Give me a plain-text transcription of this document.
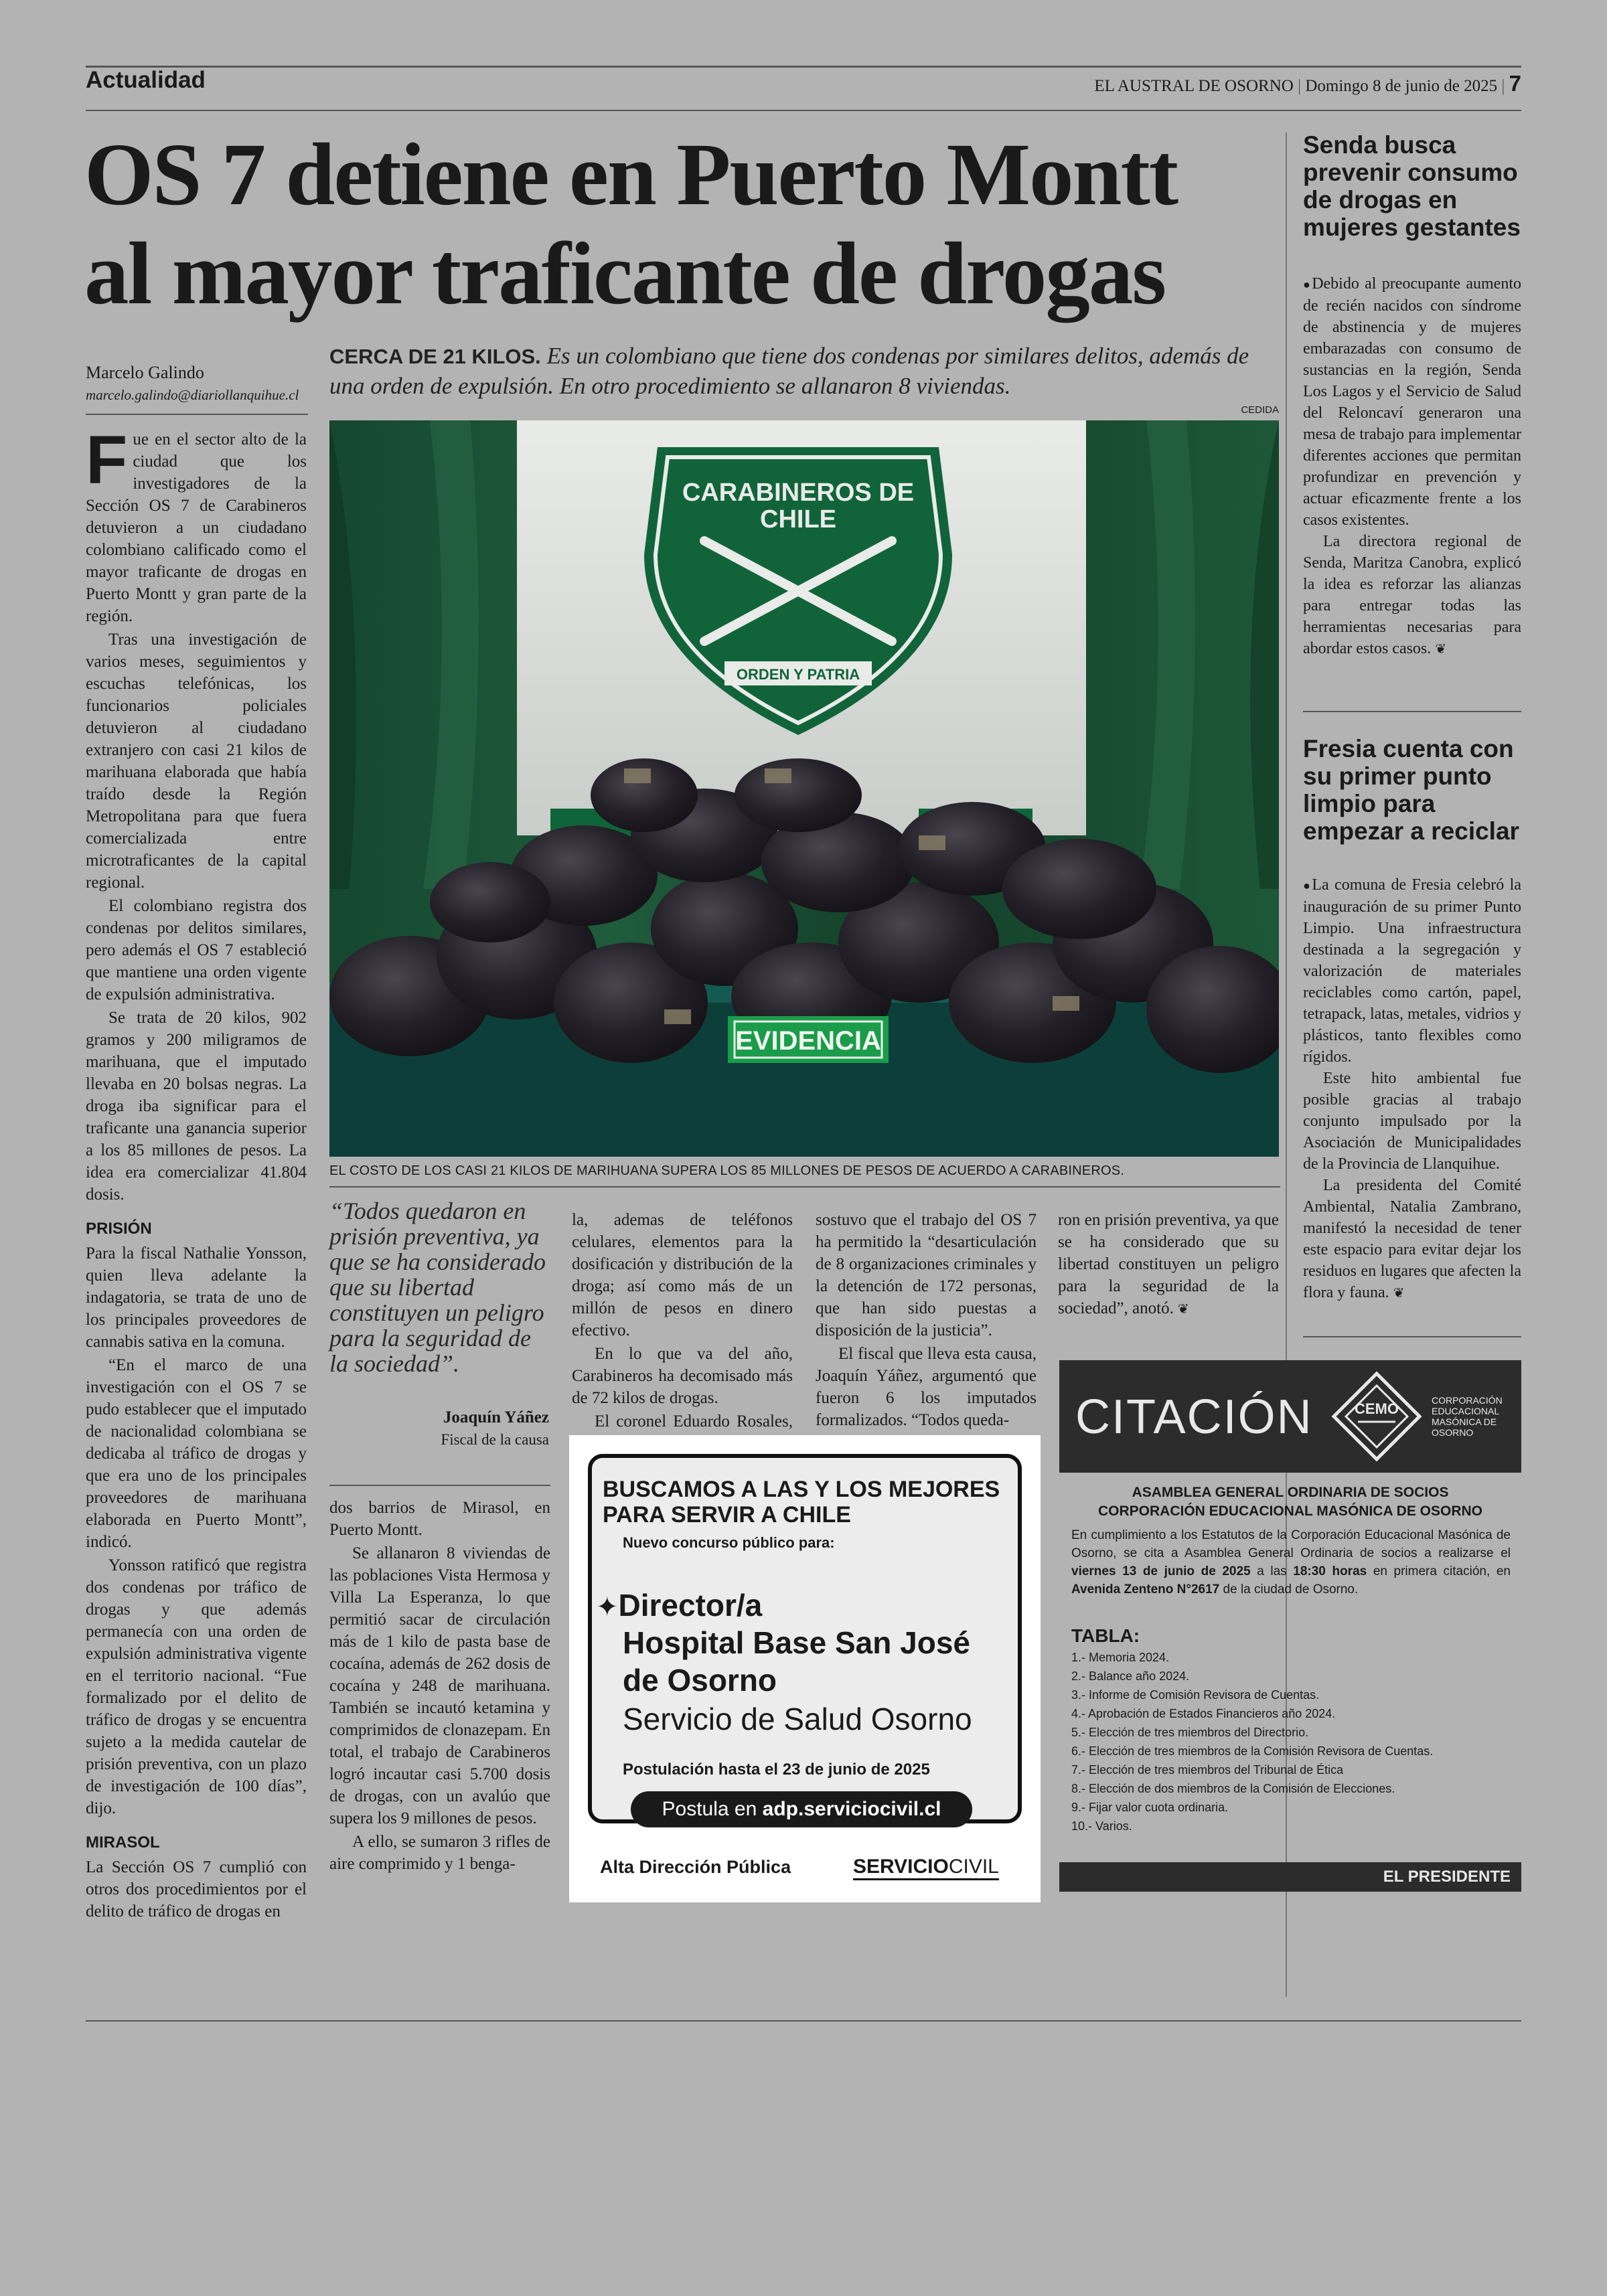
Actualidad	EL AUSTRAL DE OSORNO | Domingo 8 de junio de 2025 | 7
OS 7 detiene en Puerto Montt
al mayor traficante de drogas
Marcelo Galindo
marcelo.galindo@diariollanquihue.cl
CERCA DE 21 KILOS. Es un colombiano que tiene dos condenas por similares delitos, además de una orden de expulsión. En otro procedimiento se allanaron 8 viviendas.
CEDIDA
CARABINEROS DE
CHILE
ORDEN Y PATRIA
EVIDENCIA
EL COSTO DE LOS CASI 21 KILOS DE MARIHUANA SUPERA LOS 85 MILLONES DE PESOS DE ACUERDO A CARABINEROS.

Fue en el sector alto de la ciudad que los investigadores de la Sección OS 7 de Carabineros detuvieron a un ciudadano colombiano calificado como el mayor traficante de drogas en Puerto Montt y gran parte de la región.

Tras una investigación de varios meses, seguimientos y escuchas telefónicas, los funcionarios policiales detuvieron al ciudadano extranjero con casi 21 kilos de marihuana elaborada que había traído desde la Región Metropolitana para que fuera comercializada entre microtraficantes de la capital regional.

El colombiano registra dos condenas por delitos similares, pero además el OS 7 estableció que mantiene una orden vigente de expulsión administrativa.

Se trata de 20 kilos, 902 gramos y 200 miligramos de marihuana, que el imputado llevaba en 20 bolsas negras. La droga iba significar para el traficante una ganancia superior a los 85 millones de pesos. La idea era comercializar 41.804 dosis.

PRISIÓN

Para la fiscal Nathalie Yonsson, quien lleva adelante la indagatoria, se trata de uno de los principales proveedores de cannabis sativa en la comuna.

“En el marco de una investigación con el OS 7 se pudo establecer que el imputado de nacionalidad colombiana se dedicaba al tráfico de drogas y que era uno de los principales proveedores de marihuana elaborada en Puerto Montt”, indicó.

Yonsson ratificó que registra dos condenas por tráfico de drogas y que además permanecía con una orden de expulsión administrativa vigente en el territorio nacional. “Fue formalizado por el delito de tráfico de drogas y se encuentra sujeto a la medida cautelar de prisión preventiva, con un plazo de investigación de 100 días”, dijo.

MIRASOL

La Sección OS 7 cumplió con otros dos procedimientos por el delito de tráfico de drogas en

“Todos quedaron en prisión preventiva, ya que se ha considerado que su libertad constituyen un peligro para la seguridad de la sociedad”.
Joaquín Yáñez
Fiscal de la causa

dos barrios de Mirasol, en Puerto Montt.

Se allanaron 8 viviendas de las poblaciones Vista Hermosa y Villa La Esperanza, lo que permitió sacar de circulación más de 1 kilo de pasta base de cocaína, además de 262 dosis de cocaína y 248 de marihuana. También se incautó ketamina y comprimidos de clonazepam. En total, el trabajo de Carabineros logró incautar casi 5.700 dosis de drogas, con un avalúo que supera los 9 millones de pesos.

A ello, se sumaron 3 rifles de aire comprimido y 1 benga-

la, ademas de teléfonos celulares, elementos para la dosificación y distribución de la droga; así como más de un millón de pesos en dinero efectivo.

En lo que va del año, Carabineros ha decomisado más de 72 kilos de drogas.

El coronel Eduardo Rosales,

sostuvo que el trabajo del OS 7 ha permitido la “desarticulación de 8 organizaciones criminales y la detención de 172 personas, que han sido puestas a disposición de la justicia”.

El fiscal que lleva esta causa, Joaquín Yáñez, argumentó que fueron 6 los imputados formalizados. “Todos queda-

ron en prisión preventiva, ya que se ha considerado que su libertad constituyen un peligro para la seguridad de la sociedad”, anotó. ❦

BUSCAMOS A LAS Y LOS MEJORES PARA SERVIR A CHILE
Nuevo concurso público para:
✦Director/a
Hospital Base San José
de Osorno
Servicio de Salud Osorno
Postulación hasta el 23 de junio de 2025
Postula en adp.serviciocivil.cl
Alta Dirección Pública	SERVICIOCIVIL
Senda busca prevenir consumo de drogas en mujeres gestantes

●Debido al preocupante aumento de recién nacidos con síndrome de abstinencia y de mujeres embarazadas con consumo de sustancias en la región, Senda Los Lagos y el Servicio de Salud del Reloncaví generaron una mesa de trabajo para implementar diferentes acciones que permitan profundizar en prevención y actuar eficazmente frente a los casos existentes.

La directora regional de Senda, Maritza Canobra, explicó la idea es reforzar las alianzas para entregar todas las herramientas necesarias para abordar estos casos. ❦

Fresia cuenta con su primer punto limpio para empezar a reciclar

●La comuna de Fresia celebró la inauguración de su primer Punto Limpio. Una infraestructura destinada a la segregación y valorización de materiales reciclables como cartón, papel, tetrapack, latas, metales, vidrios y plásticos, tanto flexibles como rígidos.

Este hito ambiental fue posible gracias al trabajo conjunto impulsado por la Asociación de Municipalidades de la Provincia de Llanquihue.

La presidenta del Comité Ambiental, Natalia Zambrano, manifestó la necesidad de tener este espacio para evitar dejar los residuos en lugares que afecten la flora y fauna. ❦

CITACIÓN	CEMO	CORPORACIÓN EDUCACIONAL MASÓNICA DE OSORNO
ASAMBLEA GENERAL ORDINARIA DE SOCIOS
CORPORACIÓN EDUCACIONAL MASÓNICA DE OSORNO
En cumplimiento a los Estatutos de la Corporación Educacional Masónica de Osorno, se cita a Asamblea General Ordinaria de socios a realizarse el viernes 13 de junio de 2025 a las 18:30 horas en primera citación, en Avenida Zenteno N°2617 de la ciudad de Osorno.
TABLA:
1.- Memoria 2024.
2.- Balance año 2024.
3.- Informe de Comisión Revisora de Cuentas.
4.- Aprobación de Estados Financieros año 2024.
5.- Elección de tres miembros del Directorio.
6.- Elección de tres miembros de la Comisión Revisora de Cuentas.
7.- Elección de tres miembros del Tribunal de Ética
8.- Elección de dos miembros de la Comisión de Elecciones.
9.- Fijar valor cuota ordinaria.
10.- Varios.
EL PRESIDENTE
